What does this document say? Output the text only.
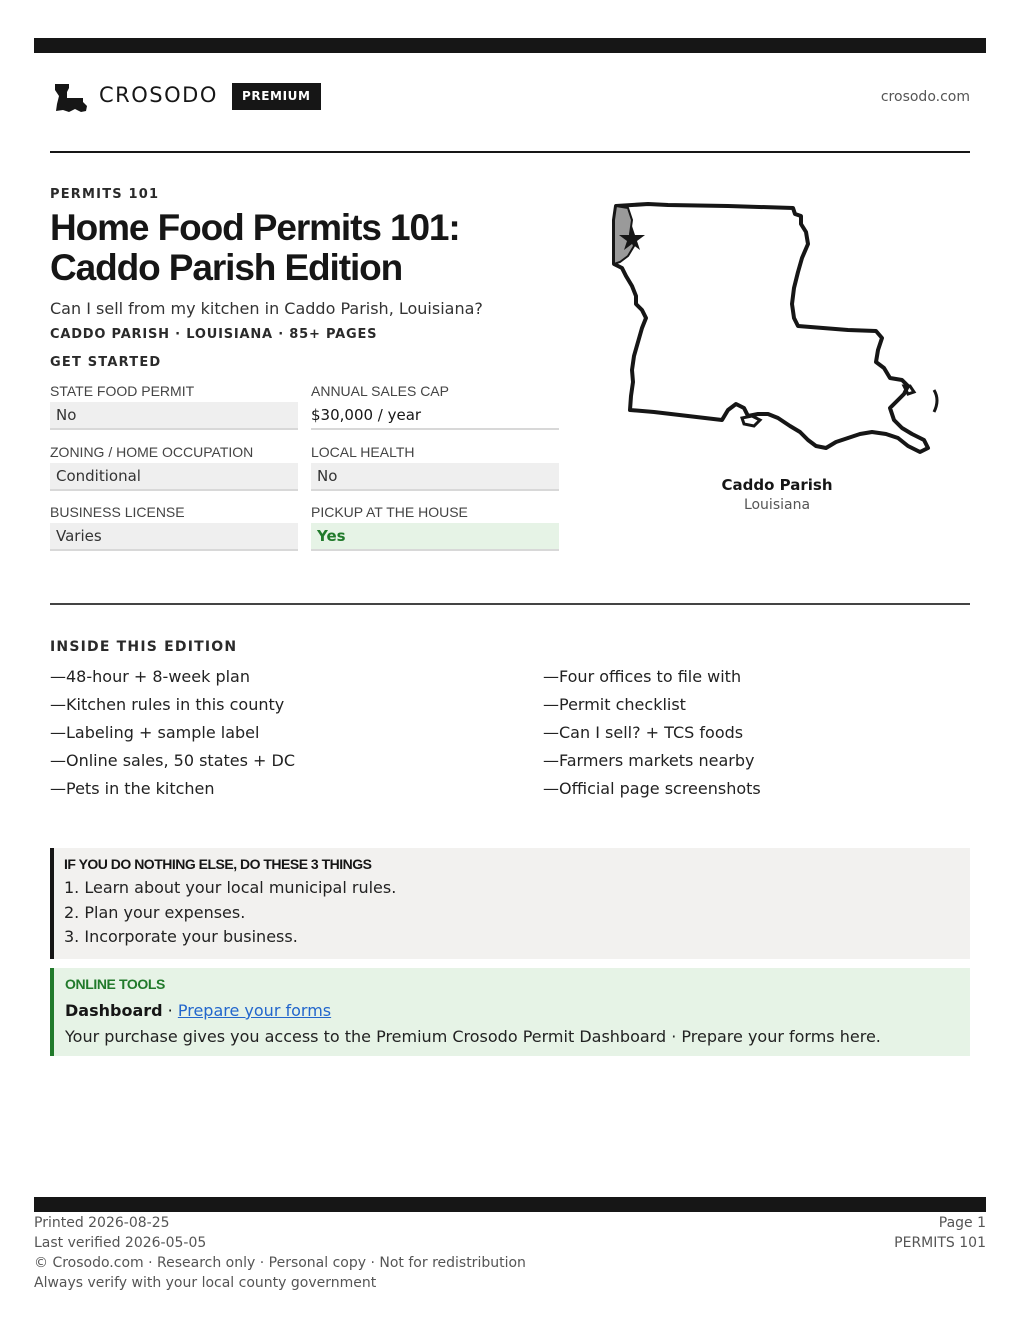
CROSODO	PREMIUM	crosodo.com
PERMITS 101
Home Food Permits 101: Caddo Parish Edition
Can I sell from my kitchen in Caddo Parish, Louisiana?
CADDO PARISH · LOUISIANA · 85+ PAGES
GET STARTED
STATE FOOD PERMIT
No
ANNUAL SALES CAP
$30,000 / year
ZONING / HOME OCCUPATION
Conditional
LOCAL HEALTH
No
BUSINESS LICENSE
Varies
PICKUP AT THE HOUSE
Yes
Caddo Parish
Louisiana
INSIDE THIS EDITION
—48-hour + 8-week plan
—Kitchen rules in this county
—Labeling + sample label
—Online sales, 50 states + DC
—Pets in the kitchen
—Four offices to file with
—Permit checklist
—Can I sell? + TCS foods
—Farmers markets nearby
—Official page screenshots
IF YOU DO NOTHING ELSE, DO THESE 3 THINGS
1. Learn about your local municipal rules.
2. Plan your expenses.
3. Incorporate your business.
ONLINE TOOLS
Dashboard · Prepare your forms
Your purchase gives you access to the Premium Crosodo Permit Dashboard · Prepare your forms here.
Printed 2026-08-25
Last verified 2026-05-05
© Crosodo.com · Research only · Personal copy · Not for redistribution
Always verify with your local county government
Page 1
PERMITS 101
